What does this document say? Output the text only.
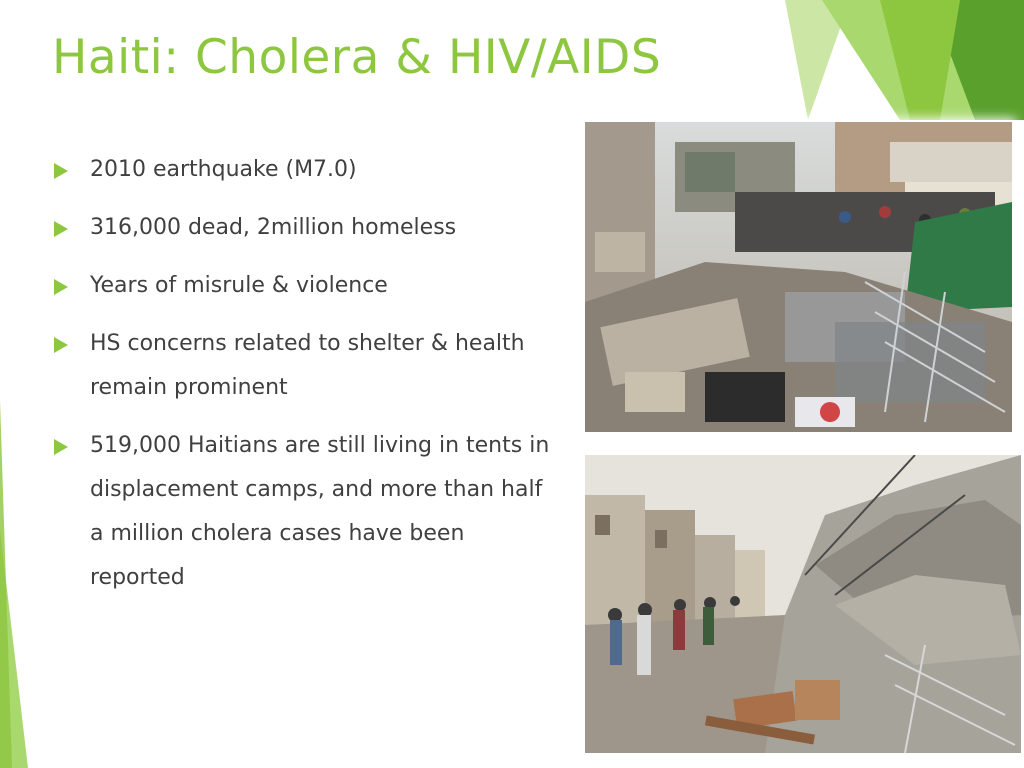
Haiti: Cholera & HIV/AIDS
2010 earthquake (M7.0)
316,000 dead, 2million homeless
Years of misrule & violence
HS concerns related to shelter & health remain prominent
519,000 Haitians are still living in tents in displacement camps, and more than half a million cholera cases have been reported
